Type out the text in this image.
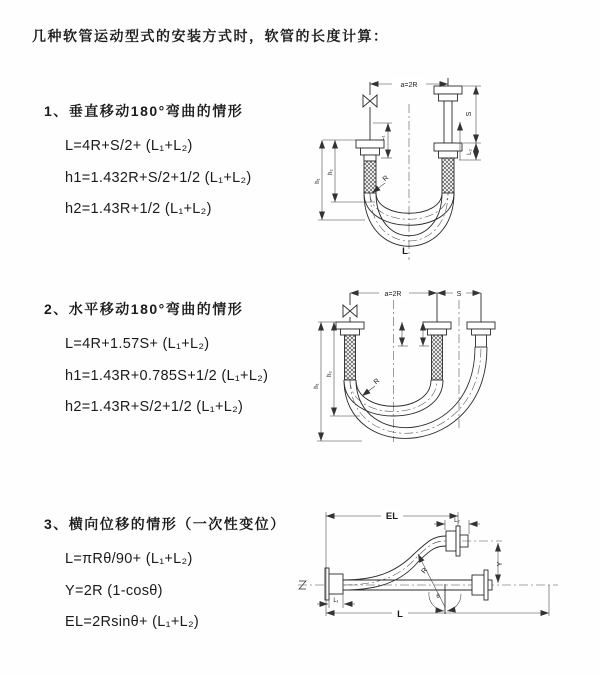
几种软管运动型式的安装方式时，软管的长度计算：
1、垂直移动180°弯曲的情形
L=4R+S/2+ (L₁+L₂)
h1=1.432R+S/2+1/2 (L₁+L₂)
h2=1.43R+1/2 (L₁+L₂)
2、水平移动180°弯曲的情形
L=4R+1.57S+ (L₁+L₂)
h1=1.43R+0.785S+1/2 (L₁+L₂)
h2=1.43R+S/2+1/2 (L₁+L₂)
3、横向位移的情形（一次性变位）
L=πRθ/90+ (L₁+L₂)
Y=2R (1-cosθ)
EL=2Rsinθ+ (L₁+L₂)
a=2R
S
L₂
L₁
h₂
h₁	R
L
a=2R	S
h₂
h₁	R
EL	L₂
Y
R
θ
L
L₁
